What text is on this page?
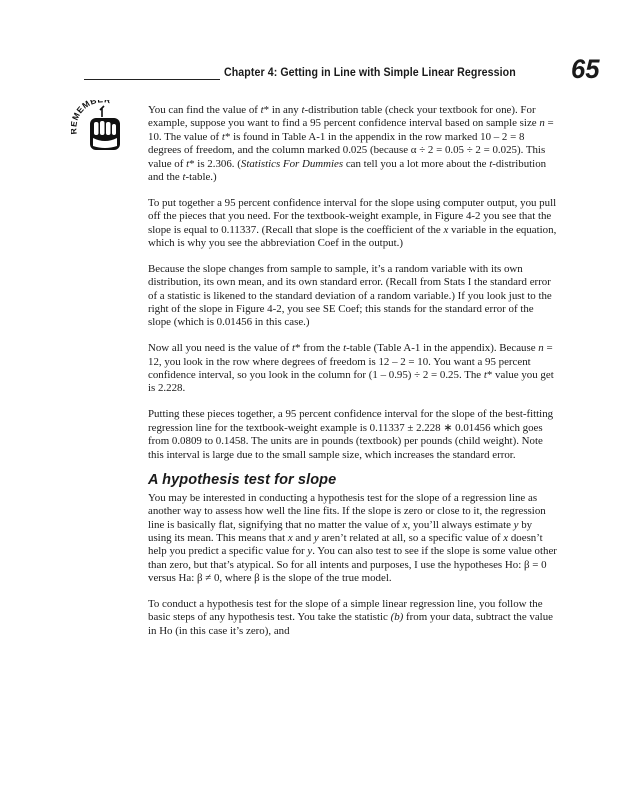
Chapter 4: Getting in Line with Simple Linear Regression 65
MEMB

You can find the value of t* in any t-distribution table (check your textbook for one). For example, suppose you want to find a 95 percent confidence interval based on sample size n = 10. The value of t* is found in Table A-1 in the appendix in the row marked 10 – 2 = 8 degrees of freedom, and the column marked 0.025 (because α ÷ 2 = 0.05 ÷ 2 = 0.025). This value of t* is 2.306. (Statistics For Dummies can tell you a lot more about the t-distribution and the t-table.)

To put together a 95 percent confidence interval for the slope using computer output, you pull off the pieces that you need. For the textbook-weight example, in Figure 4-2 you see that the slope is equal to 0.11337. (Recall that slope is the coefficient of the x variable in the equation, which is why you see the abbreviation Coef in the output.)

Because the slope changes from sample to sample, it’s a random variable with its own distribution, its own mean, and its own standard error. (Recall from Stats I the standard error of a statistic is likened to the standard deviation of a random variable.) If you look just to the right of the slope in Figure 4-2, you see SE Coef; this stands for the standard error of the slope (which is 0.01456 in this case.)

Now all you need is the value of t* from the t-table (Table A-1 in the appendix). Because n = 12, you look in the row where degrees of freedom is 12 – 2 = 10. You want a 95 percent confidence interval, so you look in the column for (1 – 0.95) ÷ 2 = 0.25. The t* value you get is 2.228.

Putting these pieces together, a 95 percent confidence interval for the slope of the best-fitting regression line for the textbook-weight example is 0.11337 ± 2.228 ∗ 0.01456 which goes from 0.0809 to 0.1458. The units are in pounds (textbook) per pounds (child weight). Note this interval is large due to the small sample size, which increases the standard error.

A hypothesis test for slope

You may be interested in conducting a hypothesis test for the slope of a regression line as another way to assess how well the line fits. If the slope is zero or close to it, the regression line is basically flat, signifying that no matter the value of x, you’ll always estimate y by using its mean. This means that x and y aren’t related at all, so a specific value of x doesn’t help you predict a specific value for y. You can also test to see if the slope is some value other than zero, but that’s atypical. So for all intents and purposes, I use the hypotheses Ho: β = 0 versus Ha: β ≠ 0, where β is the slope of the true model.

To conduct a hypothesis test for the slope of a simple linear regression line, you follow the basic steps of any hypothesis test. You take the statistic (b) from your data, subtract the value in Ho (in this case it’s zero), and
